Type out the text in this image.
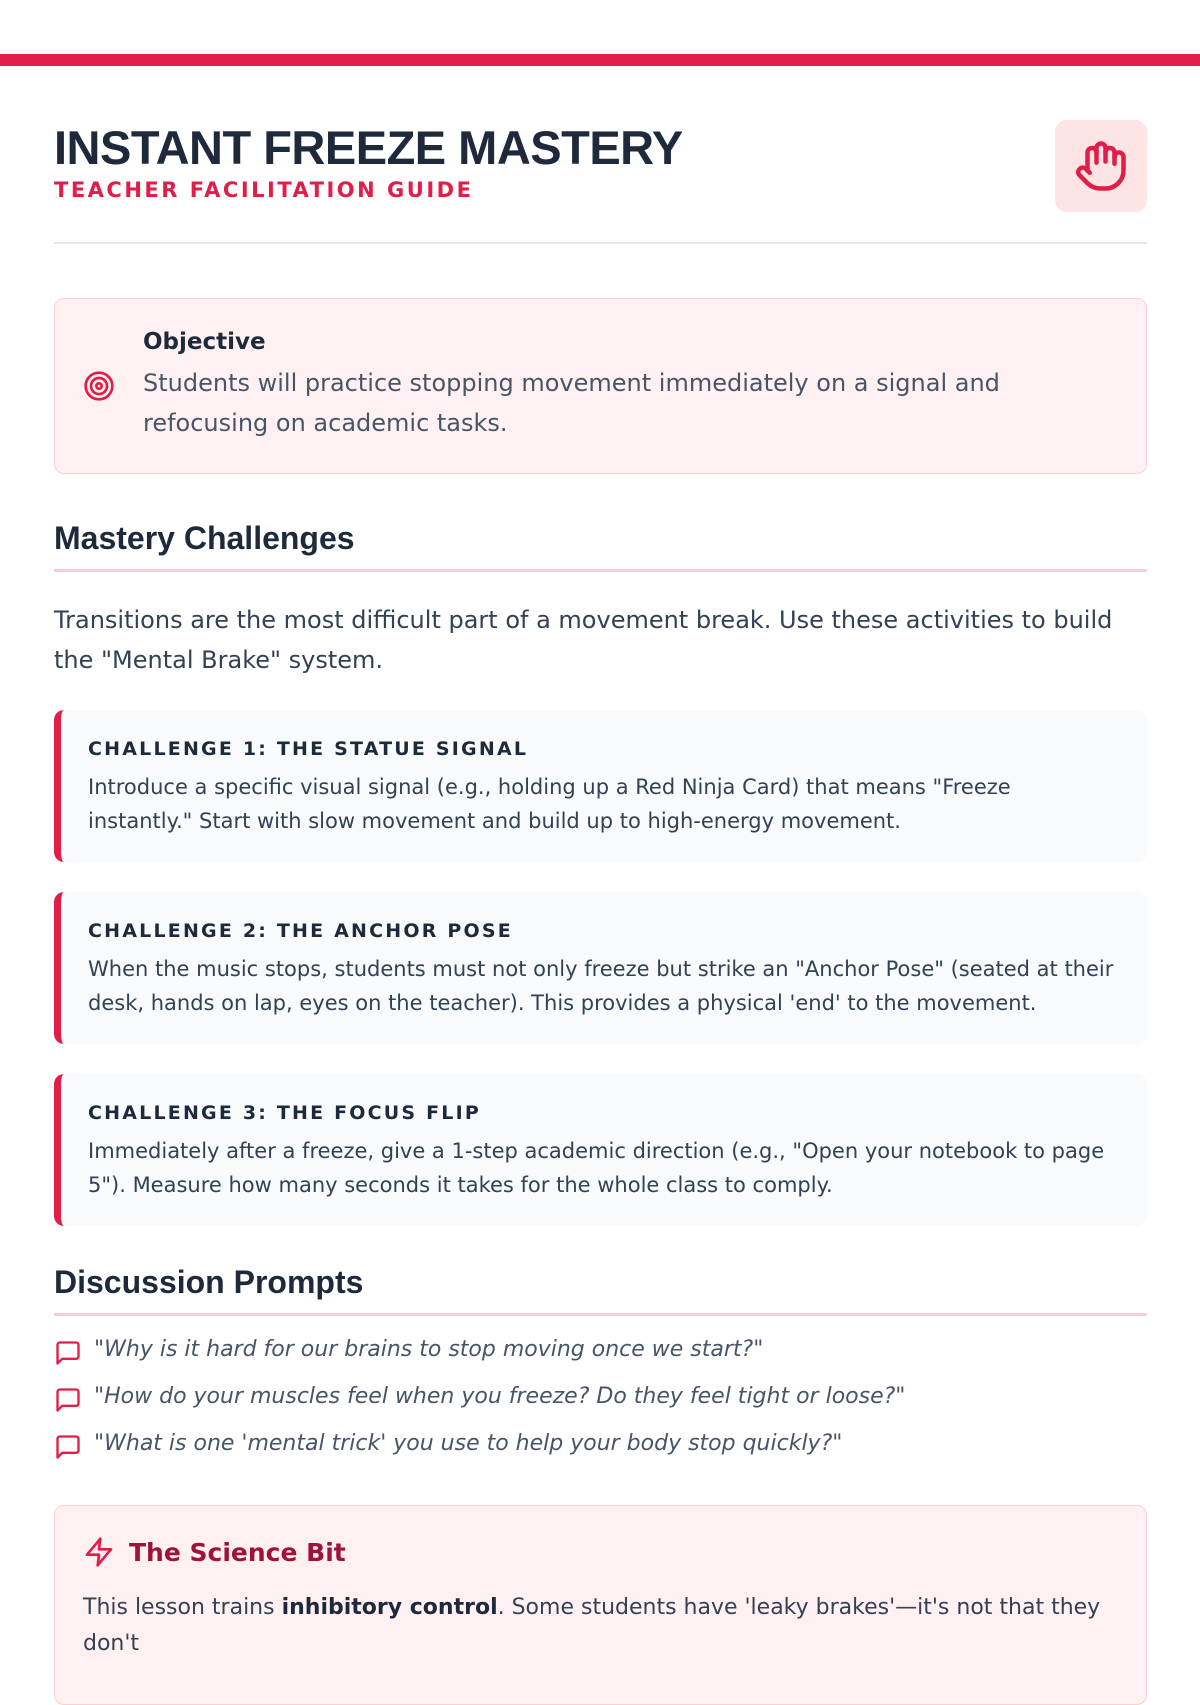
INSTANT FREEZE MASTERY
TEACHER FACILITATION GUIDE
Objective
Students will practice stopping movement immediately on a signal and refocusing on academic tasks.
Mastery Challenges

Transitions are the most difficult part of a movement break. Use these activities to build the "Mental Brake" system.

CHALLENGE 1: THE STATUE SIGNAL
Introduce a specific visual signal (e.g., holding up a Red Ninja Card) that means "Freeze instantly." Start with slow movement and build up to high-energy movement.
CHALLENGE 2: THE ANCHOR POSE
When the music stops, students must not only freeze but strike an "Anchor Pose" (seated at their desk, hands on lap, eyes on the teacher). This provides a physical 'end' to the movement.
CHALLENGE 3: THE FOCUS FLIP
Immediately after a freeze, give a 1-step academic direction (e.g., "Open your notebook to page 5"). Measure how many seconds it takes for the whole class to comply.
Discussion Prompts
"Why is it hard for our brains to stop moving once we start?"
"How do your muscles feel when you freeze? Do they feel tight or loose?"
"What is one 'mental trick' you use to help your body stop quickly?"
The Science Bit

This lesson trains inhibitory control. Some students have 'leaky brakes'—it's not that they don't
